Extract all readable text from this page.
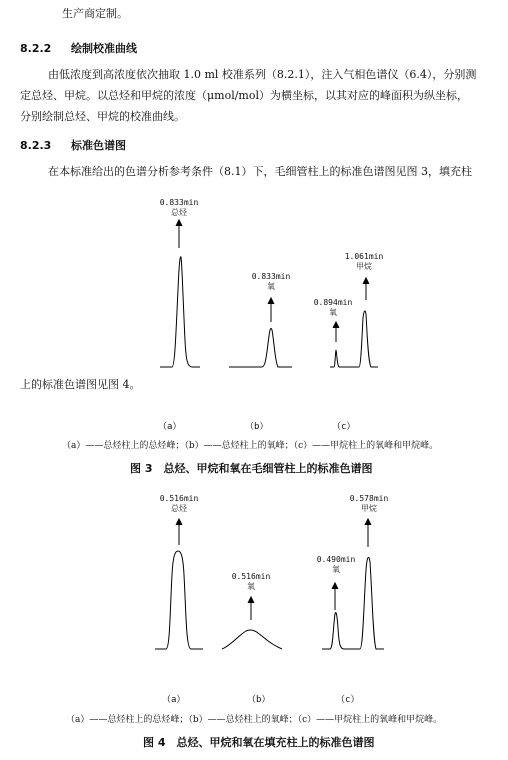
生产商定制。
8.2.2 绘制校准曲线
由低浓度到高浓度依次抽取 1.0 ml 校准系列（8.2.1），注入气相色谱仪（6.4），分别测
定总烃、甲烷。以总烃和甲烷的浓度（μmol/mol）为横坐标，以其对应的峰面积为纵坐标，
分别绘制总烃、甲烷的校准曲线。
8.2.3 标准色谱图
在本标准给出的色谱分析参考条件（8.1）下，毛细管柱上的标准色谱图见图 3，填充柱
0.833min
总烃
0.833min
氧
0.894min
氧
1.061min
甲烷
上的标准色谱图见图 4。
（a）	（b）	（c）
（a）——总烃柱上的总烃峰；（b）——总烃柱上的氧峰；（c）——甲烷柱上的氧峰和甲烷峰。
图 3　总烃、甲烷和氧在毛细管柱上的标准色谱图
0.516min
总烃
0.516min
氧
0.490min
氧
0.578min
甲烷
（a）	（b）	（c）
（a）——总烃柱上的总烃峰；（b）——总烃柱上的氧峰；（c）——甲烷柱上的氧峰和甲烷峰。
图 4　总烃、甲烷和氧在填充柱上的标准色谱图
